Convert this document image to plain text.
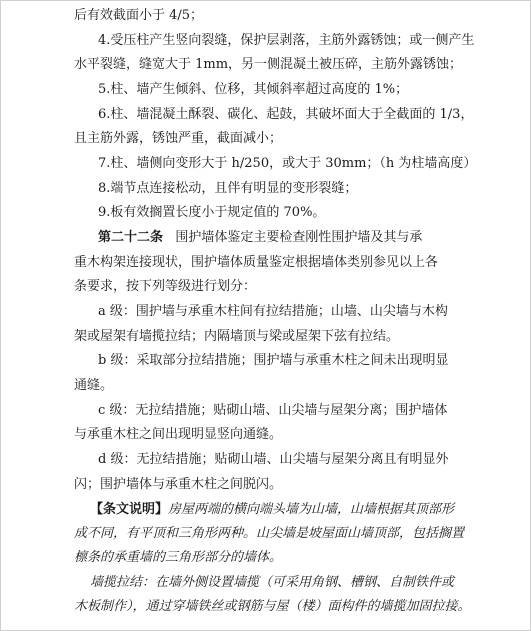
后有效截面小于 4/5；

4.受压柱产生竖向裂缝，保护层剥落，主筋外露锈蚀；或一侧产生

水平裂缝，缝宽大于 1mm，另一侧混凝土被压碎，主筋外露锈蚀；

5.柱、墙产生倾斜、位移，其倾斜率超过高度的 1%；

6.柱、墙混凝土酥裂、碳化、起鼓，其破坏面大于全截面的 1/3，

且主筋外露，锈蚀严重，截面减小；

7.柱、墙侧向变形大于 h/250，或大于 30mm；（h 为柱墙高度）

8.端节点连接松动，且伴有明显的变形裂缝；

9.板有效搁置长度小于规定值的 70%。

第二十二条 围护墙体鉴定主要检查刚性围护墙及其与承

重木构架连接现状，围护墙体质量鉴定根据墙体类别参见以上各

条要求，按下列等级进行划分：

a 级：围护墙与承重木柱间有拉结措施；山墙、山尖墙与木构

架或屋架有墙揽拉结；内隔墙顶与梁或屋架下弦有拉结。

b 级：采取部分拉结措施；围护墙与承重木柱之间未出现明显

通缝。

c 级：无拉结措施；贴砌山墙、山尖墙与屋架分离；围护墙体

与承重木柱之间出现明显竖向通缝。

d 级：无拉结措施；贴砌山墙、山尖墙与屋架分离且有明显外

闪；围护墙体与承重木柱之间脱闪。

【条文说明】房屋两端的横向端头墙为山墙，山墙根据其顶部形

成不同，有平顶和三角形两种。山尖墙是坡屋面山墙顶部，包括搁置

檩条的承重墙的三角形部分的墙体。

墙揽拉结：在墙外侧设置墙揽（可采用角钢、槽钢、自制铁件或

木板制作），通过穿墙铁丝或钢筋与屋（楼）面构件的墙揽加固拉接。
